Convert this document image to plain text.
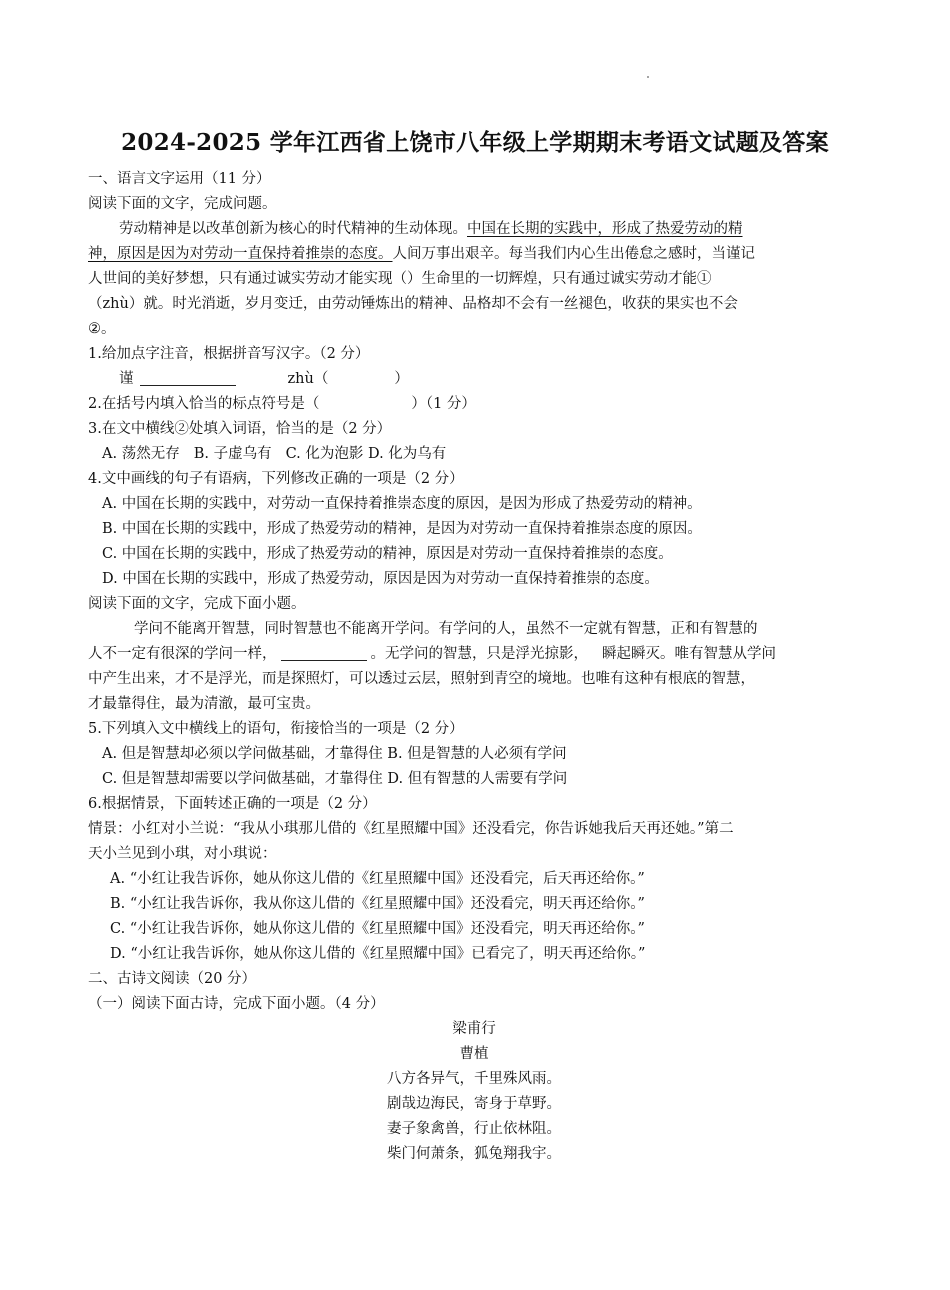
2024-2025 学年江西省上饶市八年级上学期期末考语文试题及答案
一、语言文字运用（11 分）
阅读下面的文字，完成问题。
劳动精神是以改革创新为核心的时代精神的生动体现。中国在长期的实践中，形成了热爱劳动的精
神，原因是因为对劳动一直保持着推崇的态度。人间万事出艰辛。每当我们内心生出倦怠之感时，当谨记
人世间的美好梦想，只有通过诚实劳动才能实现（）生命里的一切辉煌，只有通过诚实劳动才能①
（zhù）就。时光消逝，岁月变迁，由劳动锤炼出的精神、品格却不会有一丝褪色，收获的果实也不会
②。
1.给加点字注音，根据拼音写汉字。（2 分）
谨	zhù（	）
2.在括号内填入恰当的标点符号是（	）（1 分）
3.在文中横线②处填入词语，恰当的是（2 分）
A. 荡然无存 B. 子虚乌有 C. 化为泡影 D. 化为乌有
4.文中画线的句子有语病，下列修改正确的一项是（2 分）
A. 中国在长期的实践中，对劳动一直保持着推崇态度的原因，是因为形成了热爱劳动的精神。
B. 中国在长期的实践中，形成了热爱劳动的精神，是因为对劳动一直保持着推崇态度的原因。
C. 中国在长期的实践中，形成了热爱劳动的精神，原因是对劳动一直保持着推崇的态度。
D. 中国在长期的实践中，形成了热爱劳动，原因是因为对劳动一直保持着推崇的态度。
阅读下面的文字，完成下面小题。
学问不能离开智慧，同时智慧也不能离开学问。有学问的人，虽然不一定就有智慧，正和有智慧的
人不一定有很深的学问一样，	。无学问的智慧，只是浮光掠影， 瞬起瞬灭。唯有智慧从学问
中产生出来，才不是浮光，而是探照灯，可以透过云层，照射到青空的境地。也唯有这种有根底的智慧，
才最靠得住，最为清澈，最可宝贵。
5.下列填入文中横线上的语句，衔接恰当的一项是（2 分）
A. 但是智慧却必须以学问做基础，才靠得住 B. 但是智慧的人必须有学问
C. 但是智慧却需要以学问做基础，才靠得住 D. 但有智慧的人需要有学问
6.根据情景，下面转述正确的一项是（2 分）
情景：小红对小兰说：“我从小琪那儿借的《红星照耀中国》还没看完，你告诉她我后天再还她。”第二
天小兰见到小琪，对小琪说：
A. “小红让我告诉你，她从你这儿借的《红星照耀中国》还没看完，后天再还给你。”
B. “小红让我告诉你，我从你这儿借的《红星照耀中国》还没看完，明天再还给你。”
C. “小红让我告诉你，她从你这儿借的《红星照耀中国》还没看完，明天再还给你。”
D. “小红让我告诉你，她从你这儿借的《红星照耀中国》已看完了，明天再还给你。”
二、古诗文阅读（20 分）
（一）阅读下面古诗，完成下面小题。（4 分）
梁甫行
曹植
八方各异气，千里殊风雨。
剧哉边海民，寄身于草野。
妻子象禽兽，行止依林阻。
柴门何萧条，狐兔翔我宇。
